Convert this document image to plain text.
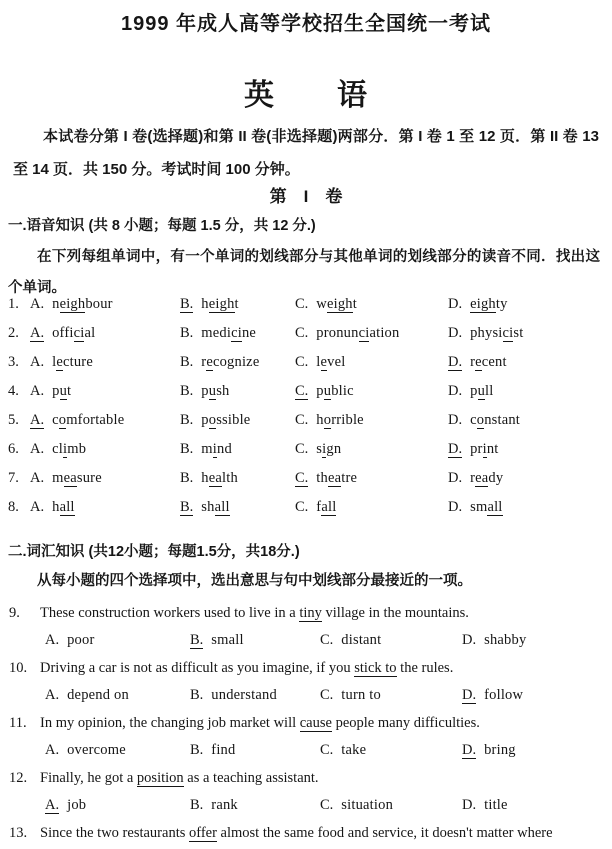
1999 年成人高等学校招生全国统一考试
英　　语
本试卷分第 I 卷(选择题)和第 II 卷(非选择题)两部分．第 I 卷 1 至 12 页．第 II 卷 13 至 14 页．共 150 分。考试时间 100 分钟。
第　I　卷
一.语音知识 (共 8 小题；每题 1.5 分，共 12 分.)
在下列每组单词中，有一个单词的划线部分与其他单词的划线部分的读音不同．找出这个单词。
1. A. neighbour	B. height	C. weight	D. eighty
2. A. official	B. medicine	C. pronunciation	D. physicist
3. A. lecture	B. recognize	C. level	D. recent
4. A. put	B. push	C. public	D. pull
5. A. comfortable	B. possible	C. horrible	D. constant
6. A. climb	B. mind	C. sign	D. print
7. A. measure	B. health	C. theatre	D. ready
8. A. hall	B. shall	C. fall	D. small
二.词汇知识 (共12小题；每题1.5分，共18分.)
从每小题的四个选择项中，选出意思与句中划线部分最接近的一项。
9. These construction workers used to live in a tiny village in the mountains.
A. poor	B. small	C. distant	D. shabby
10. Driving a car is not as difficult as you imagine, if you stick to the rules.
A. depend on	B. understand	C. turn to	D. follow
11. In my opinion, the changing job market will cause people many difficulties.
A. overcome	B. find	C. take	D. bring
12. Finally, he got a position as a teaching assistant.
A. job	B. rank	C. situation	D. title
13. Since the two restaurants offer almost the same food and service, it doesn't matter where
